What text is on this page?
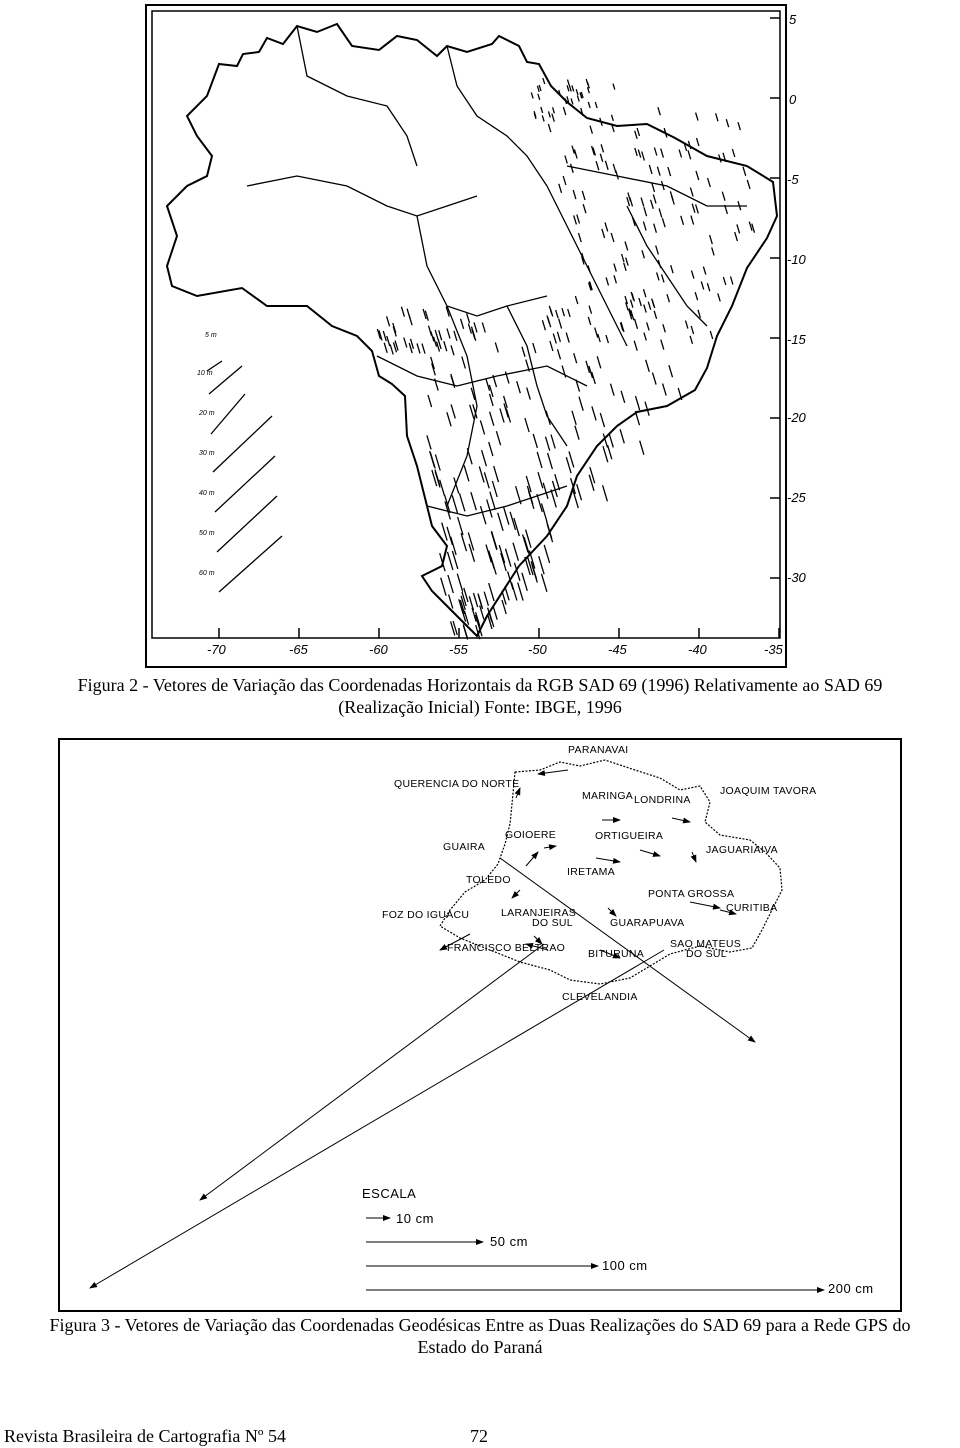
5 m
10 m
20 m
30 m
40 m
50 m
60 m
-70	-65	-60	-55	-50	-45	-40	-35
5
0
-5
-10
-15
-20
-25
-30
Figura 2 - Vetores de Variação das Coordenadas Horizontais da RGB SAD 69 (1996) Relativamente ao SAD 69
(Realização Inicial) Fonte: IBGE, 1996
PARANAVAI
QUERENCIA DO NORTE
MARINGA LONDRINA
JOAQUIM TAVORA
GOIOERE	ORTIGUEIRA
GUAIRA	JAGUARIAIVA
IRETAMA
TOLEDO
PONTA GROSSA
CURITIBA
FOZ DO IGUACU	LARANJEIRAS
DO SUL	GUARAPUAVA
SAO MATEUS
DO SUL
FRANCISCO BELTRAO BITURUNA
CLEVELANDIA
ESCALA
10 cm
50 cm
100 cm
200 cm
Figura 3 - Vetores de Variação das Coordenadas Geodésicas Entre as Duas Realizações do SAD 69 para a Rede GPS do
Estado do Paraná
Revista Brasileira de Cartografia Nº 54	72
